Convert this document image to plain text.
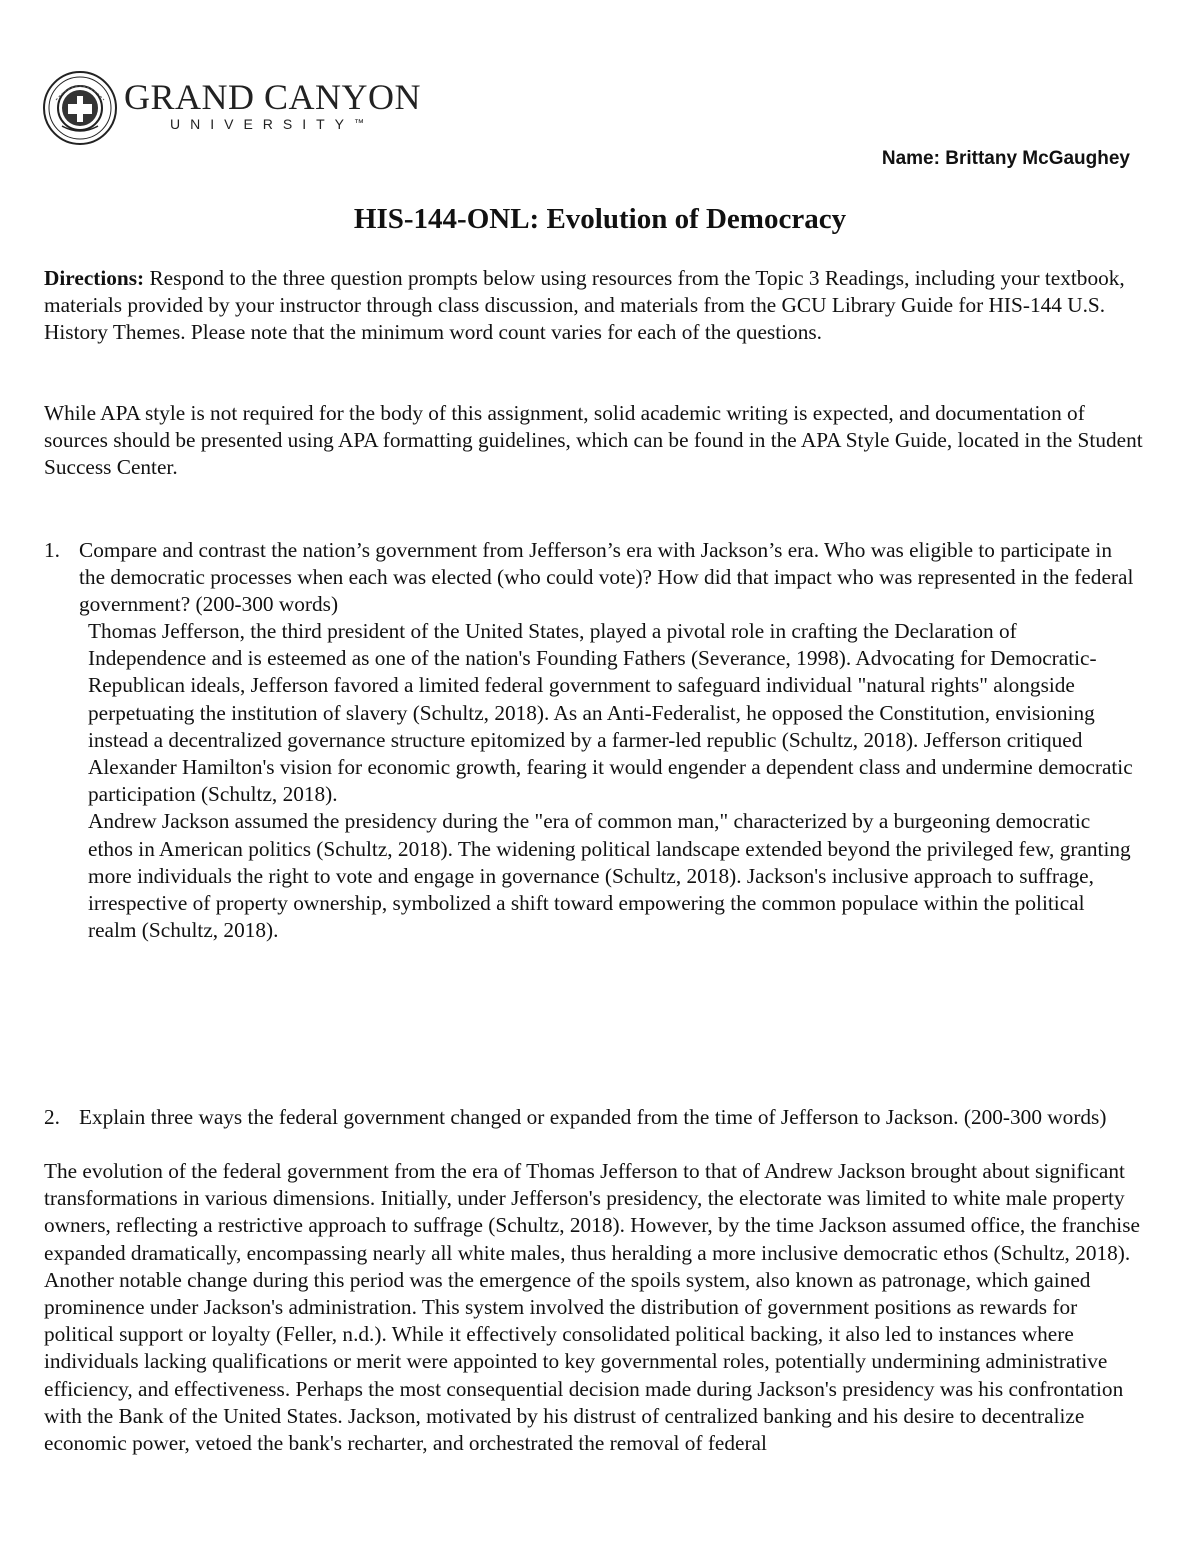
GRAND CANYON
UNIVERSITY™
Name: Brittany McGaughey
HIS-144-ONL: Evolution of Democracy
Directions: Respond to the three question prompts below using resources from the Topic 3 Readings, including your textbook, materials provided by your instructor through class discussion, and materials from the GCU Library Guide for HIS-144 U.S. History Themes. Please note that the minimum word count varies for each of the questions.
While APA style is not required for the body of this assignment, solid academic writing is expected, and documentation of sources should be presented using APA formatting guidelines, which can be found in the APA Style Guide, located in the Student Success Center.
1. Compare and contrast the nation’s government from Jefferson’s era with Jackson’s era. Who was eligible to participate in the democratic processes when each was elected (who could vote)? How did that impact who was represented in the federal government? (200-300 words)
Thomas Jefferson, the third president of the United States, played a pivotal role in crafting the Declaration of Independence and is esteemed as one of the nation's Founding Fathers (Severance, 1998). Advocating for Democratic-Republican ideals, Jefferson favored a limited federal government to safeguard individual "natural rights" alongside perpetuating the institution of slavery (Schultz, 2018). As an Anti-Federalist, he opposed the Constitution, envisioning instead a decentralized governance structure epitomized by a farmer-led republic (Schultz, 2018). Jefferson critiqued Alexander Hamilton's vision for economic growth, fearing it would engender a dependent class and undermine democratic participation (Schultz, 2018).
Andrew Jackson assumed the presidency during the "era of common man," characterized by a burgeoning democratic ethos in American politics (Schultz, 2018). The widening political landscape extended beyond the privileged few, granting more individuals the right to vote and engage in governance (Schultz, 2018). Jackson's inclusive approach to suffrage, irrespective of property ownership, symbolized a shift toward empowering the common populace within the political realm (Schultz, 2018).
2. Explain three ways the federal government changed or expanded from the time of Jefferson to Jackson. (200-300 words)
The evolution of the federal government from the era of Thomas Jefferson to that of Andrew Jackson brought about significant transformations in various dimensions. Initially, under Jefferson's presidency, the electorate was limited to white male property owners, reflecting a restrictive approach to suffrage (Schultz, 2018). However, by the time Jackson assumed office, the franchise expanded dramatically, encompassing nearly all white males, thus heralding a more inclusive democratic ethos (Schultz, 2018). Another notable change during this period was the emergence of the spoils system, also known as patronage, which gained prominence under Jackson's administration. This system involved the distribution of government positions as rewards for political support or loyalty (Feller, n.d.). While it effectively consolidated political backing, it also led to instances where individuals lacking qualifications or merit were appointed to key governmental roles, potentially undermining administrative efficiency, and effectiveness. Perhaps the most consequential decision made during Jackson's presidency was his confrontation with the Bank of the United States. Jackson, motivated by his distrust of centralized banking and his desire to decentralize economic power, vetoed the bank's recharter, and orchestrated the removal of federal
